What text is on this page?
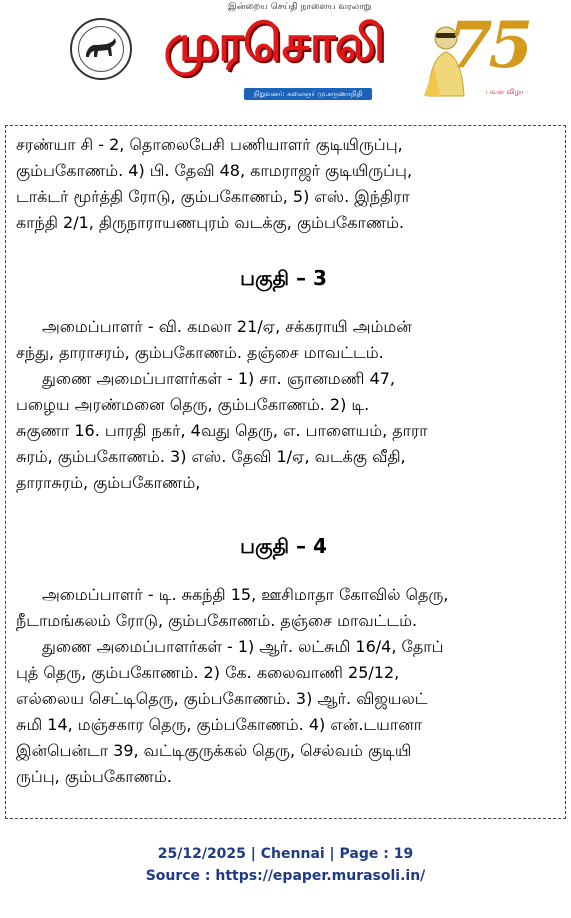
இன்றைய செய்தி நாளைய வரலாறு
முரசொலி
நிறுவனர்: கலைஞர் மு.கருணாநிதி
75
பவள விழா

சரண்யா சி - 2, தொலைபேசி பணியாளர் குடியிருப்பு,
கும்பகோணம். 4) பி. தேவி 48, காமராஜர் குடியிருப்பு,
டாக்டர் மூர்த்தி ரோடு, கும்பகோணம், 5) எஸ். இந்திரா
காந்தி 2/1, திருநாராயணபுரம் வடக்கு, கும்பகோணம்.

பகுதி – 3

அமைப்பாளர் - வி. கமலா 21/ஏ, சக்கராயி அம்மன்
சந்து, தாராசரம், கும்பகோணம். தஞ்சை மாவட்டம்.

துணை அமைப்பாளர்கள் - 1) சா. ஞானமணி 47,
பழைய அரண்மனை தெரு, கும்பகோணம். 2) டி.
சுகுணா 16. பாரதி நகர், 4வது தெரு, எ. பாளையம், தாரா
சுரம், கும்பகோணம். 3) எஸ். தேவி 1/ஏ, வடக்கு வீதி,
தாராசுரம், கும்பகோணம்,

பகுதி – 4

அமைப்பாளர் - டி. சுகந்தி 15, ஊசிமாதா கோவில் தெரு,
நீடாமங்கலம் ரோடு, கும்பகோணம். தஞ்சை மாவட்டம்.

துணை அமைப்பாளர்கள் - 1) ஆர். லட்சுமி 16/4, தோப்
புத் தெரு, கும்பகோணம். 2) கே. கலைவாணி 25/12,
எல்லைய செட்டிதெரு, கும்பகோணம். 3) ஆர். விஜயலட்
சுமி 14, மஞ்சகார தெரு, கும்பகோணம். 4) என்.டயானா
இன்பென்டா 39, வட்டிகுருக்கல் தெரு, செல்வம் குடியி
ருப்பு, கும்பகோணம்.

25/12/2025 | Chennai | Page : 19
Source : https://epaper.murasoli.in/
